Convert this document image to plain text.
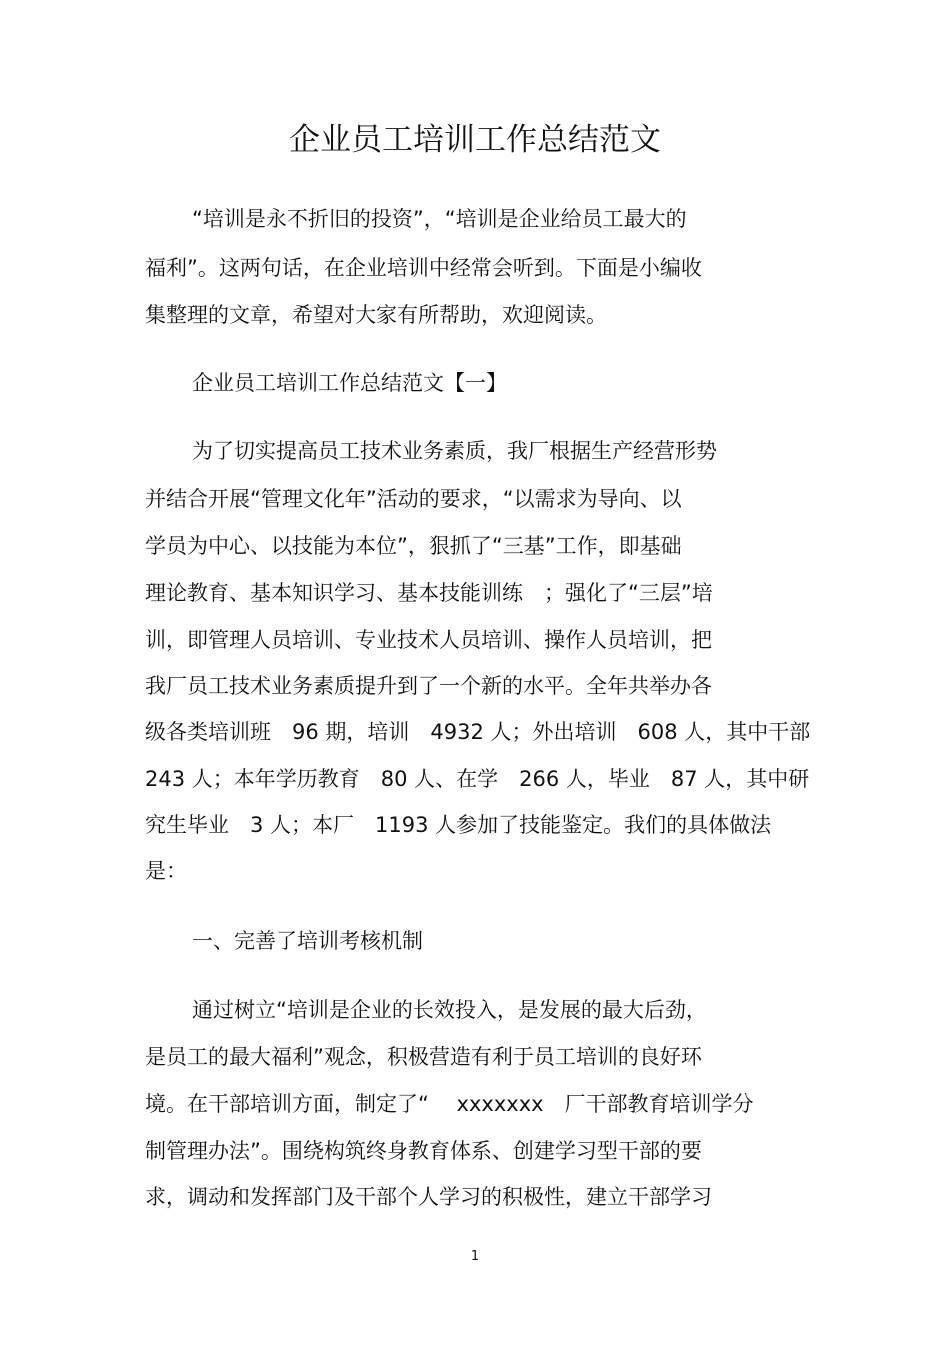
企业员工培训工作总结范文

“培训是永不折旧的投资”，“培训是企业给员工最大的

福利”。这两句话，在企业培训中经常会听到。下面是小编收

集整理的文章，希望对大家有所帮助，欢迎阅读。

企业员工培训工作总结范文【一】

为了切实提高员工技术业务素质，我厂根据生产经营形势

并结合开展“管理文化年”活动的要求，“以需求为导向、以

学员为中心、以技能为本位”，狠抓了“三基”工作，即基础

理论教育、基本知识学习、基本技能训练　；强化了“三层”培

训，即管理人员培训、专业技术人员培训、操作人员培训，把

我厂员工技术业务素质提升到了一个新的水平。全年共举办各

级各类培训班　96 期，培训　4932 人；外出培训　608 人，其中干部

243 人；本年学历教育　80 人、在学　266 人，毕业　87 人，其中研

究生毕业　3 人；本厂　1193 人参加了技能鉴定。我们的具体做法

是：

一、完善了培训考核机制

通过树立“培训是企业的长效投入，是发展的最大后劲，

是员工的最大福利”观念，积极营造有利于员工培训的良好环

境。在干部培训方面，制定了“　 xxxxxxx　厂干部教育培训学分

制管理办法”。围绕构筑终身教育体系、创建学习型干部的要

求，调动和发挥部门及干部个人学习的积极性，建立干部学习

1
